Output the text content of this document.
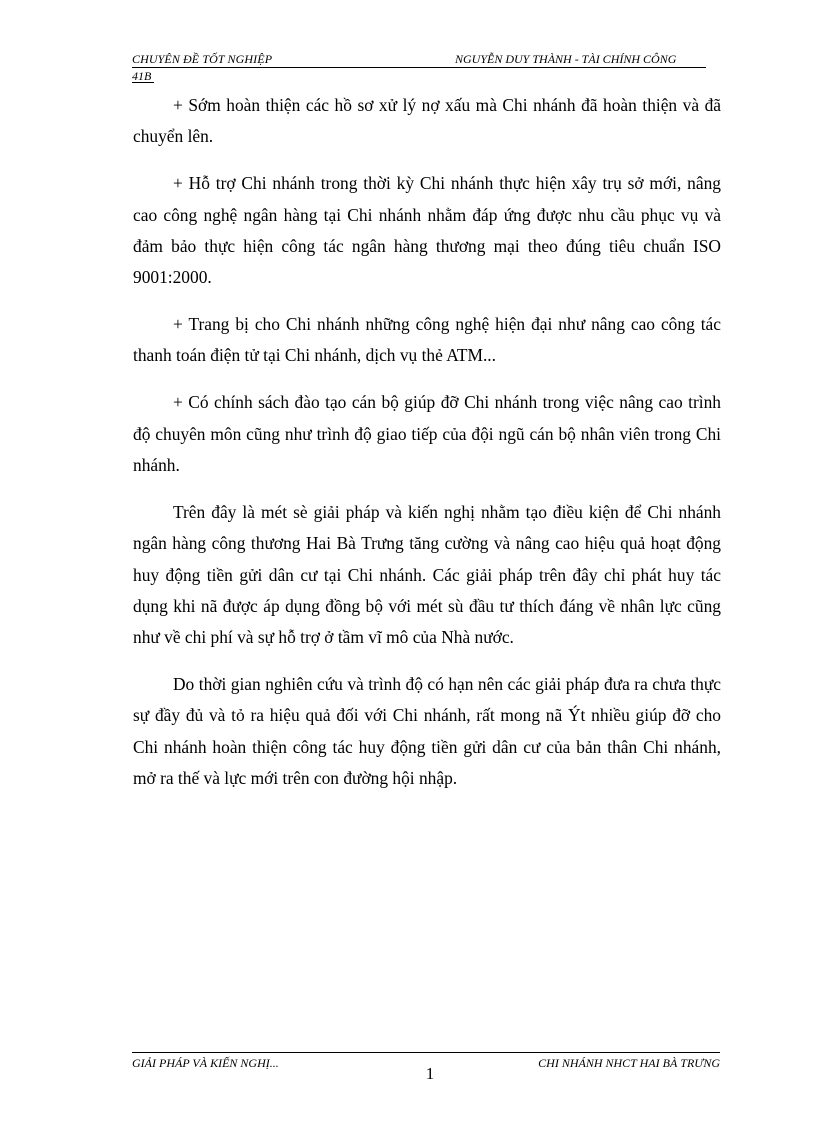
CHUYÊN ĐỀ TỐT NGHIỆP	NGUYỄN DUY THÀNH - TÀI CHÍNH CÔNG
41B

+ Sớm hoàn thiện các hồ sơ xử lý nợ xấu mà Chi nhánh đã hoàn thiện và đã chuyển lên.

+ Hỗ trợ Chi nhánh trong thời kỳ Chi nhánh thực hiện xây trụ sở mới, nâng cao công nghệ ngân hàng tại Chi nhánh nhằm đáp ứng được nhu cầu phục vụ và đảm bảo thực hiện công tác ngân hàng thương mại theo đúng tiêu chuẩn ISO 9001:2000.

+ Trang bị cho Chi nhánh những công nghệ hiện đại như nâng cao công tác thanh toán điện tử tại Chi nhánh, dịch vụ thẻ ATM...

+ Có chính sách đào tạo cán bộ giúp đỡ Chi nhánh trong việc nâng cao trình độ chuyên môn cũng như trình độ giao tiếp của đội ngũ cán bộ nhân viên trong Chi nhánh.

Trên đây là mét sè giải pháp và kiến nghị nhằm tạo điều kiện để Chi nhánh ngân hàng công thương Hai Bà Trưng tăng cường và nâng cao hiệu quả hoạt động huy động tiền gửi dân cư tại Chi nhánh. Các giải pháp trên đây chỉ phát huy tác dụng khi nã được áp dụng đồng bộ với mét sù đầu tư thích đáng về nhân lực cũng như về chi phí và sự hỗ trợ ở tầm vĩ mô của Nhà nước.

Do thời gian nghiên cứu và trình độ có hạn nên các giải pháp đưa ra chưa thực sự đầy đủ và tỏ ra hiệu quả đối với Chi nhánh, rất mong nã Ýt nhiều giúp đỡ cho Chi nhánh hoàn thiện công tác huy động tiền gửi dân cư của bản thân Chi nhánh, mở ra thế và lực mới trên con đường hội nhập.

GIẢI PHÁP VÀ KIẾN NGHỊ...	CHI NHÁNH NHCT HAI BÀ TRƯNG
1
